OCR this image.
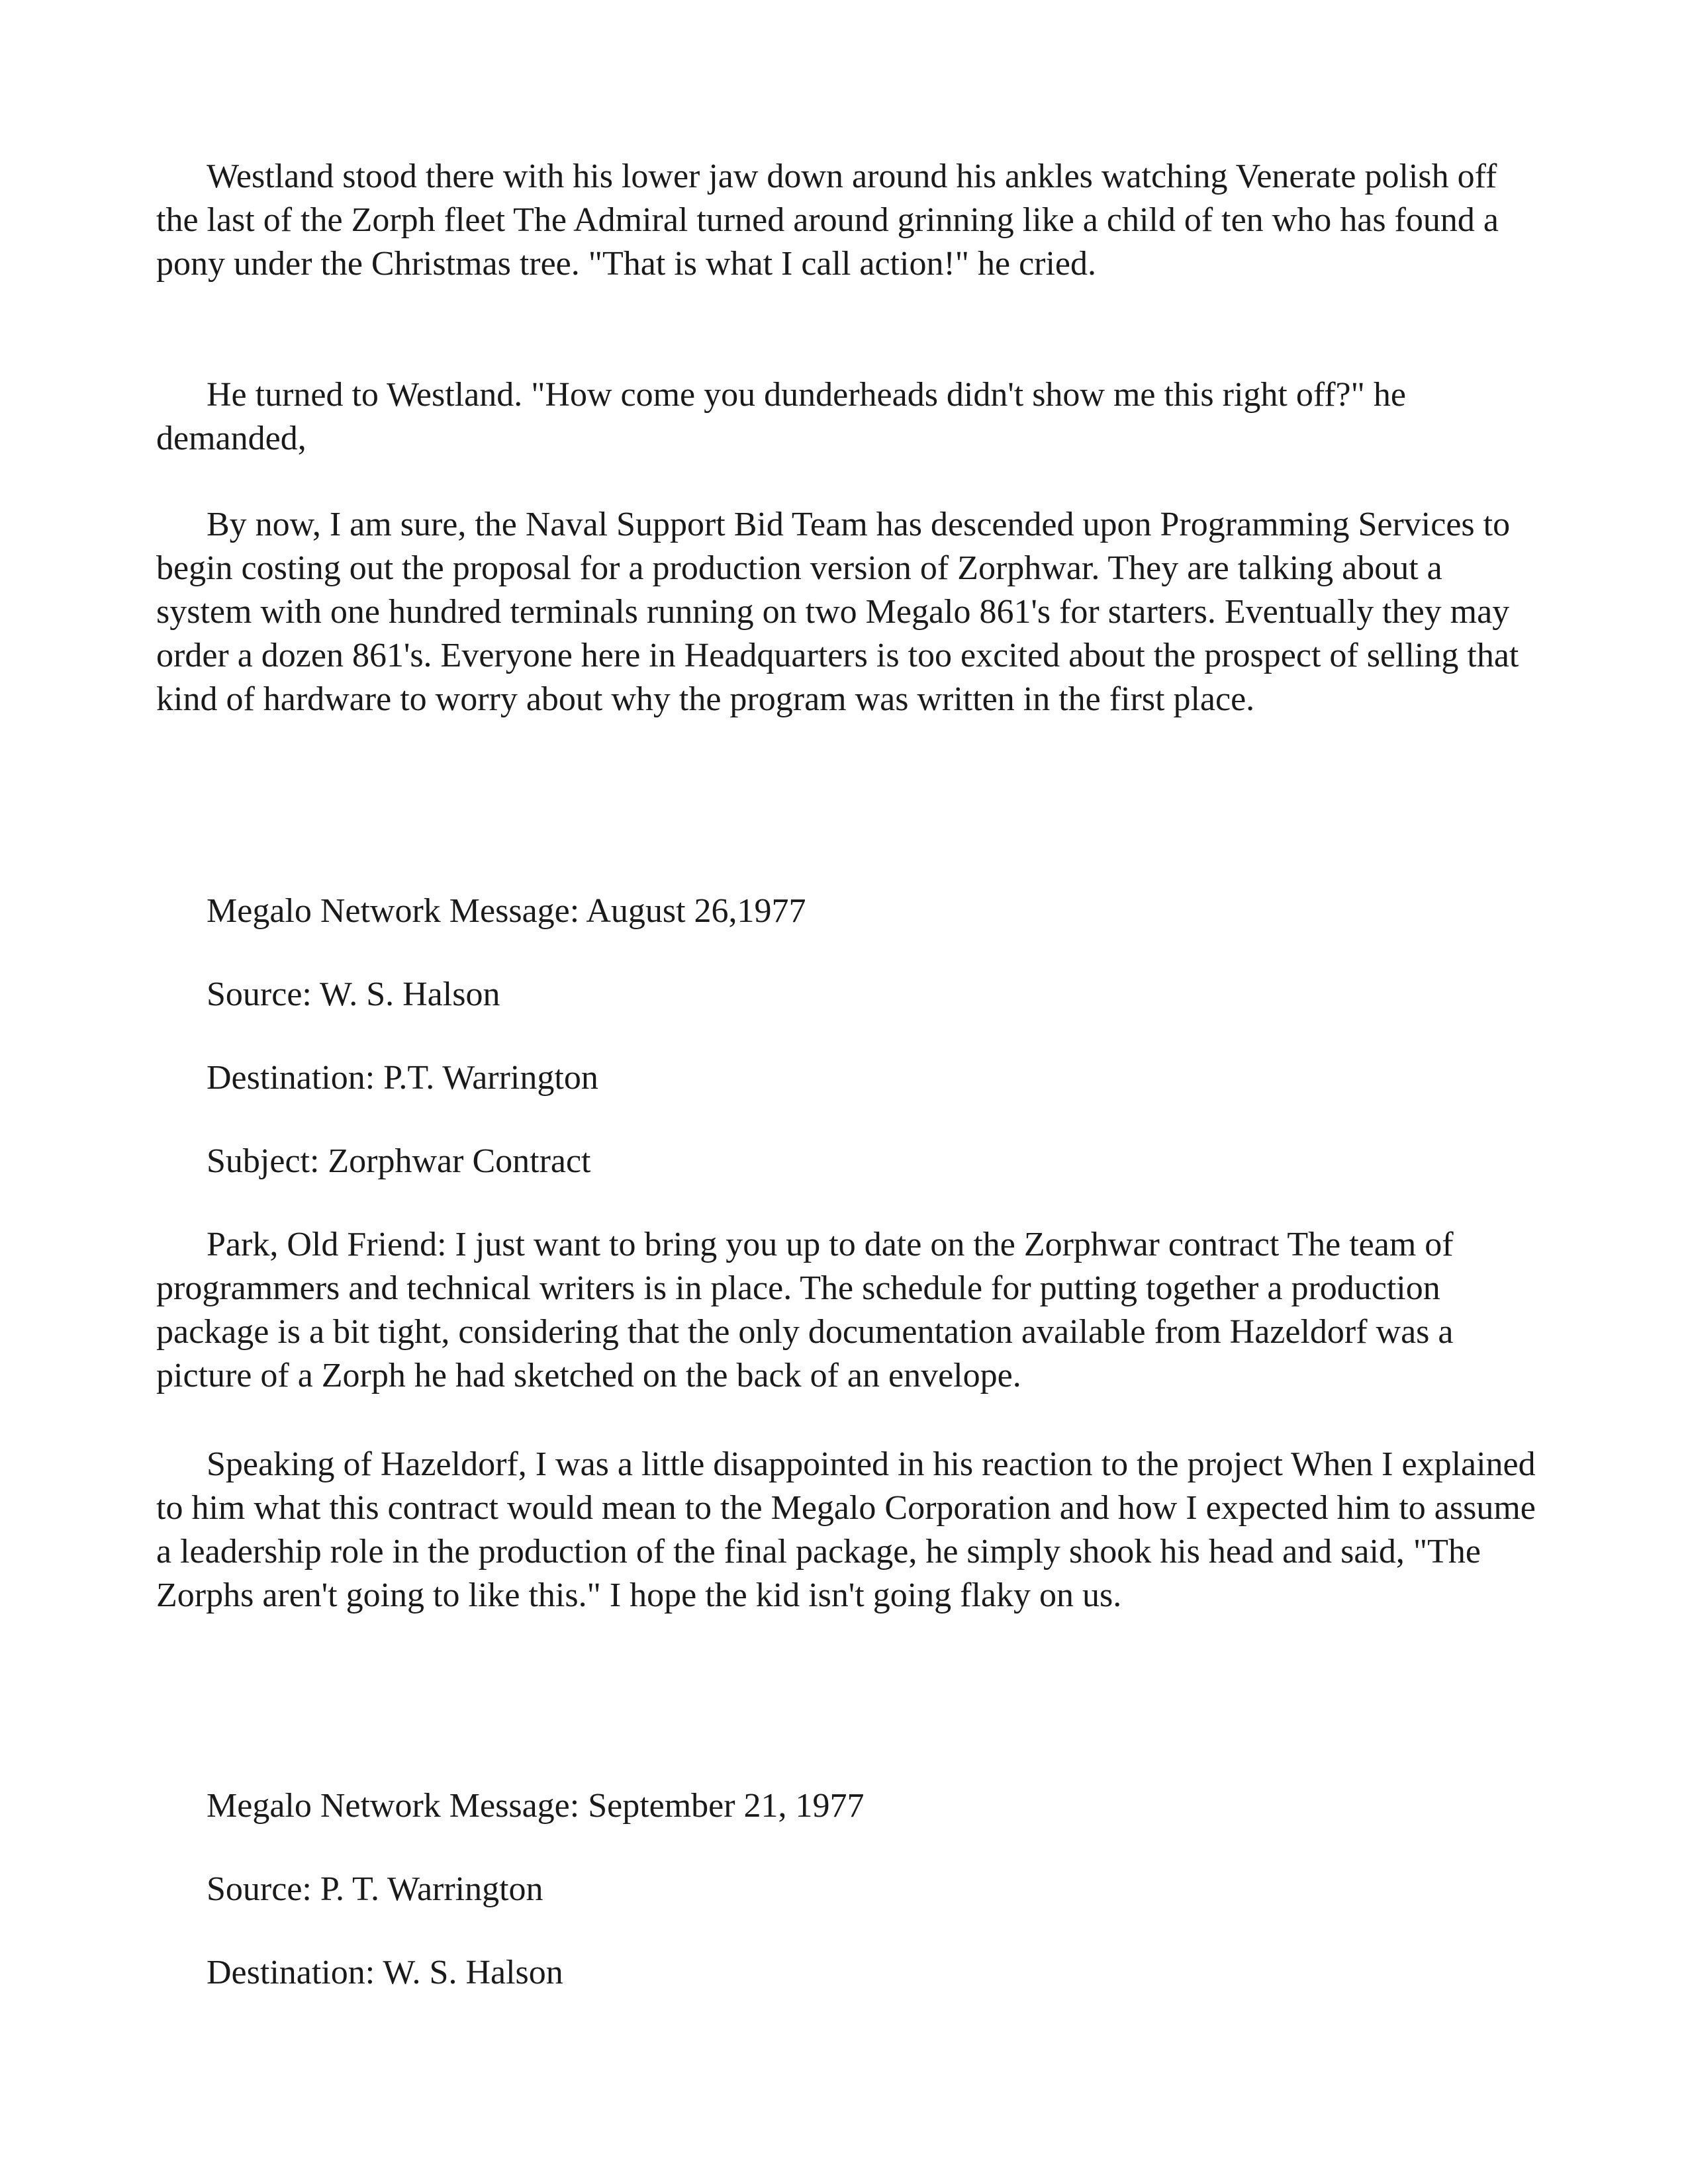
Westland stood there with his lower jaw down around his ankles watching Venerate polish off the last of the Zorph fleet The Admiral turned around grinning like a child of ten who has found a pony under the Christmas tree. "That is what I call action!" he cried.

He turned to Westland. "How come you dunderheads didn't show me this right off?" he demanded,

By now, I am sure, the Naval Support Bid Team has descended upon Programming Services to begin costing out the proposal for a production version of Zorphwar. They are talking about a system with one hundred terminals running on two Megalo 861's for starters. Eventually they may order a dozen 861's. Everyone here in Headquarters is too excited about the prospect of selling that kind of hardware to worry about why the program was written in the first place.

Megalo Network Message: August 26,1977

Source: W. S. Halson

Destination: P.T. Warrington

Subject: Zorphwar Contract

Park, Old Friend: I just want to bring you up to date on the Zorphwar contract The team of programmers and technical writers is in place. The schedule for putting together a production package is a bit tight, considering that the only documentation available from Hazeldorf was a picture of a Zorph he had sketched on the back of an envelope.

Speaking of Hazeldorf, I was a little disappointed in his reaction to the project When I explained to him what this contract would mean to the Megalo Corporation and how I expected him to assume a leadership role in the production of the final package, he simply shook his head and said, "The Zorphs aren't going to like this." I hope the kid isn't going flaky on us.

Megalo Network Message: September 21, 1977

Source: P. T. Warrington

Destination: W. S. Halson
